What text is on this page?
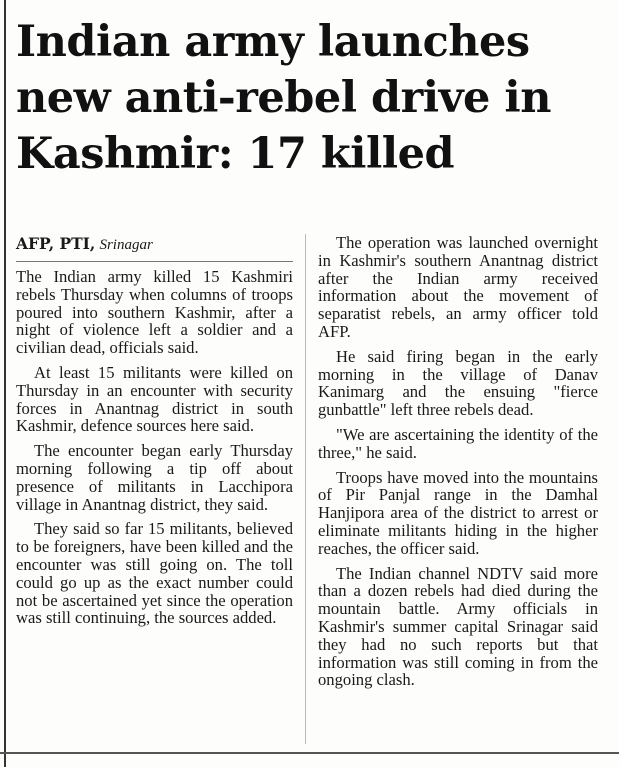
Indian army launches new anti-rebel drive in Kashmir: 17 killed
AFP, PTI, Srinagar

The Indian army killed 15 Kashmiri rebels Thursday when columns of troops poured into southern Kashmir, after a night of violence left a soldier and a civilian dead, officials said.

At least 15 militants were killed on Thursday in an encounter with security forces in Anantnag district in south Kashmir, defence sources here said.

The encounter began early Thursday morning following a tip off about presence of militants in Lacchipora village in Anantnag district, they said.

They said so far 15 militants, believed to be foreigners, have been killed and the encounter was still going on. The toll could go up as the exact number could not be ascertained yet since the operation was still continuing, the sources added.

The operation was launched overnight in Kashmir's southern Anantnag district after the Indian army received information about the movement of separatist rebels, an army officer told AFP.

He said firing began in the early morning in the village of Danav Kanimarg and the ensuing "fierce gunbattle" left three rebels dead.

"We are ascertaining the identity of the three," he said.

Troops have moved into the mountains of Pir Panjal range in the Damhal Hanjipora area of the district to arrest or eliminate militants hiding in the higher reaches, the officer said.

The Indian channel NDTV said more than a dozen rebels had died during the mountain battle. Army officials in Kashmir's summer capital Srinagar said they had no such reports but that information was still coming in from the ongoing clash.
